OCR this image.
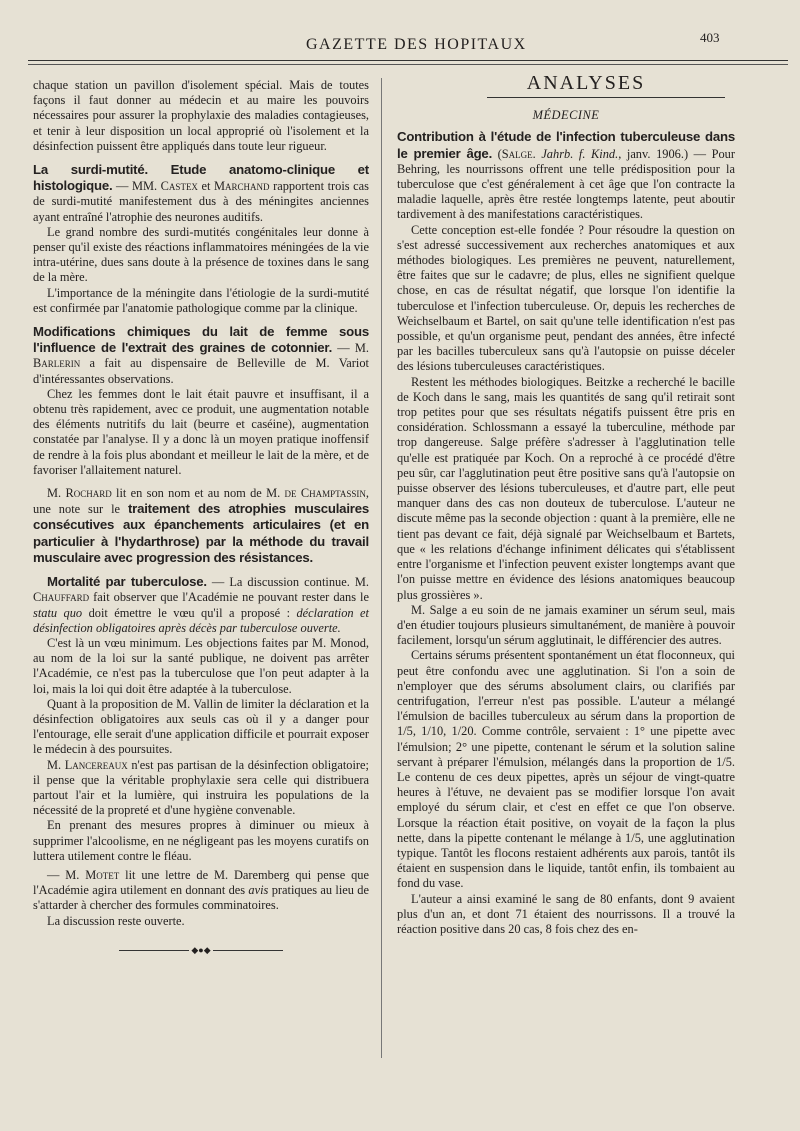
GAZETTE DES HOPITAUX	403

chaque station un pavillon d'isolement spécial. Mais de toutes façons il faut donner au médecin et au maire les pouvoirs nécessaires pour assurer la prophylaxie des maladies contagieuses, et tenir à leur disposition un local approprié où l'isolement et la désinfection puissent être appliqués dans toute leur rigueur.

La surdi-mutité. Etude anatomo-clinique et histologique. — MM. Castex et Marchand rapportent trois cas de surdi-mutité manifestement dus à des méningites anciennes ayant entraîné l'atrophie des neurones auditifs.

Le grand nombre des surdi-mutités congénitales leur donne à penser qu'il existe des réactions inflammatoires méningées de la vie intra-utérine, dues sans doute à la présence de toxines dans le sang de la mère.

L'importance de la méningite dans l'étiologie de la surdi-mutité est confirmée par l'anatomie pathologique comme par la clinique.

Modifications chimiques du lait de femme sous l'influence de l'extrait des graines de cotonnier. — M. Barlerin a fait au dispensaire de Belleville de M. Variot d'intéressantes observations.

Chez les femmes dont le lait était pauvre et insuffisant, il a obtenu très rapidement, avec ce produit, une augmentation notable des éléments nutritifs du lait (beurre et caséine), augmentation constatée par l'analyse. Il y a donc là un moyen pratique inoffensif de rendre à la fois plus abondant et meilleur le lait de la mère, et de favoriser l'allaitement naturel.

M. Rochard lit en son nom et au nom de M. de Champtassin, une note sur le traitement des atrophies musculaires consécutives aux épanchements articulaires (et en particulier à l'hydarthrose) par la méthode du travail musculaire avec progression des résistances.

Mortalité par tuberculose. — La discussion continue. M. Chauffard fait observer que l'Académie ne pouvant rester dans le statu quo doit émettre le vœu qu'il a proposé : déclaration et désinfection obligatoires après décès par tuberculose ouverte.

C'est là un vœu minimum. Les objections faites par M. Monod, au nom de la loi sur la santé publique, ne doivent pas arrêter l'Académie, ce n'est pas la tuberculose que l'on peut adapter à la loi, mais la loi qui doit être adaptée à la tuberculose.

Quant à la proposition de M. Vallin de limiter la déclaration et la désinfection obligatoires aux seuls cas où il y a danger pour l'entourage, elle serait d'une application difficile et pourrait exposer le médecin à des poursuites.

M. Lancereaux n'est pas partisan de la désinfection obligatoire; il pense que la véritable prophylaxie sera celle qui distribuera partout l'air et la lumière, qui instruira les populations de la nécessité de la propreté et d'une hygiène convenable.

En prenant des mesures propres à diminuer ou mieux à supprimer l'alcoolisme, en ne négligeant pas les moyens curatifs on luttera utilement contre le fléau.

— M. Motet lit une lettre de M. Daremberg qui pense que l'Académie agira utilement en donnant des avis pratiques au lieu de s'attarder à chercher des formules comminatoires.

La discussion reste ouverte.

◆●◆
ANALYSES
MÉDECINE

Contribution à l'étude de l'infection tuberculeuse dans le premier âge. (Salge. Jahrb. f. Kind., janv. 1906.) — Pour Behring, les nourrissons offrent une telle prédisposition pour la tuberculose que c'est généralement à cet âge que l'on contracte la maladie laquelle, après être restée longtemps latente, peut aboutir tardivement à des manifestations caractéristiques.

Cette conception est-elle fondée ? Pour résoudre la question on s'est adressé successivement aux recherches anatomiques et aux méthodes biologiques. Les premières ne peuvent, naturellement, être faites que sur le cadavre; de plus, elles ne signifient quelque chose, en cas de résultat négatif, que lorsque l'on identifie la tuberculose et l'infection tuberculeuse. Or, depuis les recherches de Weichselbaum et Bartel, on sait qu'une telle identification n'est pas possible, et qu'un organisme peut, pendant des années, être infecté par les bacilles tuberculeux sans qu'à l'autopsie on puisse déceler des lésions tuberculeuses caractéristiques.

Restent les méthodes biologiques. Beitzke a recherché le bacille de Koch dans le sang, mais les quantités de sang qu'il retirait sont trop petites pour que ses résultats négatifs puissent être pris en considération. Schlossmann a essayé la tuberculine, méthode par trop dangereuse. Salge préfère s'adresser à l'agglutination telle qu'elle est pratiquée par Koch. On a reproché à ce procédé d'être peu sûr, car l'agglutination peut être positive sans qu'à l'autopsie on puisse observer des lésions tuberculeuses, et d'autre part, elle peut manquer dans des cas non douteux de tuberculose. L'auteur ne discute même pas la seconde objection : quant à la première, elle ne tient pas devant ce fait, déjà signalé par Weichselbaum et Bartets, que « les relations d'échange infiniment délicates qui s'établissent entre l'organisme et l'infection peuvent exister longtemps avant que l'on puisse mettre en évidence des lésions anatomiques beaucoup plus grossières ».

M. Salge a eu soin de ne jamais examiner un sérum seul, mais d'en étudier toujours plusieurs simultanément, de manière à pouvoir facilement, lorsqu'un sérum agglutinait, le différencier des autres.

Certains sérums présentent spontanément un état floconneux, qui peut être confondu avec une agglutination. Si l'on a soin de n'employer que des sérums absolument clairs, ou clarifiés par centrifugation, l'erreur n'est pas possible. L'auteur a mélangé l'émulsion de bacilles tuberculeux au sérum dans la proportion de 1/5, 1/10, 1/20. Comme contrôle, servaient : 1° une pipette avec l'émulsion; 2° une pipette, contenant le sérum et la solution saline servant à préparer l'émulsion, mélangés dans la proportion de 1/5. Le contenu de ces deux pipettes, après un séjour de vingt-quatre heures à l'étuve, ne devaient pas se modifier lorsque l'on avait employé du sérum clair, et c'est en effet ce que l'on observe. Lorsque la réaction était positive, on voyait de la façon la plus nette, dans la pipette contenant le mélange à 1/5, une agglutination typique. Tantôt les flocons restaient adhérents aux parois, tantôt ils étaient en suspension dans le liquide, tantôt enfin, ils tombaient au fond du vase.

L'auteur a ainsi examiné le sang de 80 enfants, dont 9 avaient plus d'un an, et dont 71 étaient des nourrissons. Il a trouvé la réaction positive dans 20 cas, 8 fois chez des en-
